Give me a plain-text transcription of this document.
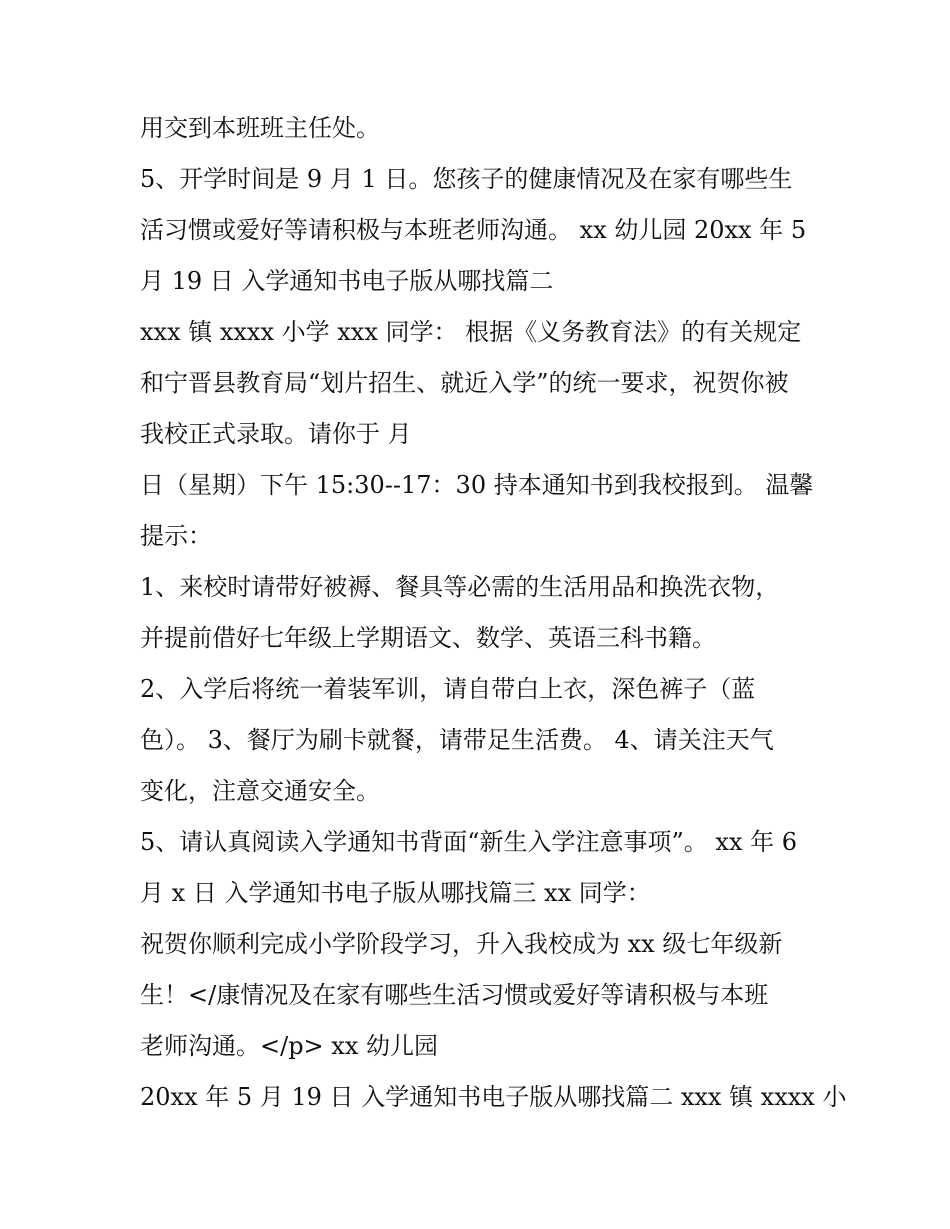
用交到本班班主任处。
5、开学时间是 9 月 1 日。您孩子的健康情况及在家有哪些生
活习惯或爱好等请积极与本班老师沟通。 xx 幼儿园 20xx 年 5
月 19 日 入学通知书电子版从哪找篇二
xxx 镇 xxxx 小学 xxx 同学： 根据《义务教育法》的有关规定
和宁晋县教育局“划片招生、就近入学”的统一要求，祝贺你被
我校正式录取。请你于 月
日（星期）下午 15:30--17：30 持本通知书到我校报到。 温馨
提示：
1、来校时请带好被褥、餐具等必需的生活用品和换洗衣物，
并提前借好七年级上学期语文、数学、英语三科书籍。
2、入学后将统一着装军训，请自带白上衣，深色裤子（蓝
色）。 3、餐厅为刷卡就餐，请带足生活费。 4、请关注天气
变化，注意交通安全。
5、请认真阅读入学通知书背面“新生入学注意事项”。 xx 年 6
月 x 日 入学通知书电子版从哪找篇三 xx 同学：
祝贺你顺利完成小学阶段学习，升入我校成为 xx 级七年级新
生！</康情况及在家有哪些生活习惯或爱好等请积极与本班
老师沟通。</p> xx 幼儿园
20xx 年 5 月 19 日 入学通知书电子版从哪找篇二 xxx 镇 xxxx 小
